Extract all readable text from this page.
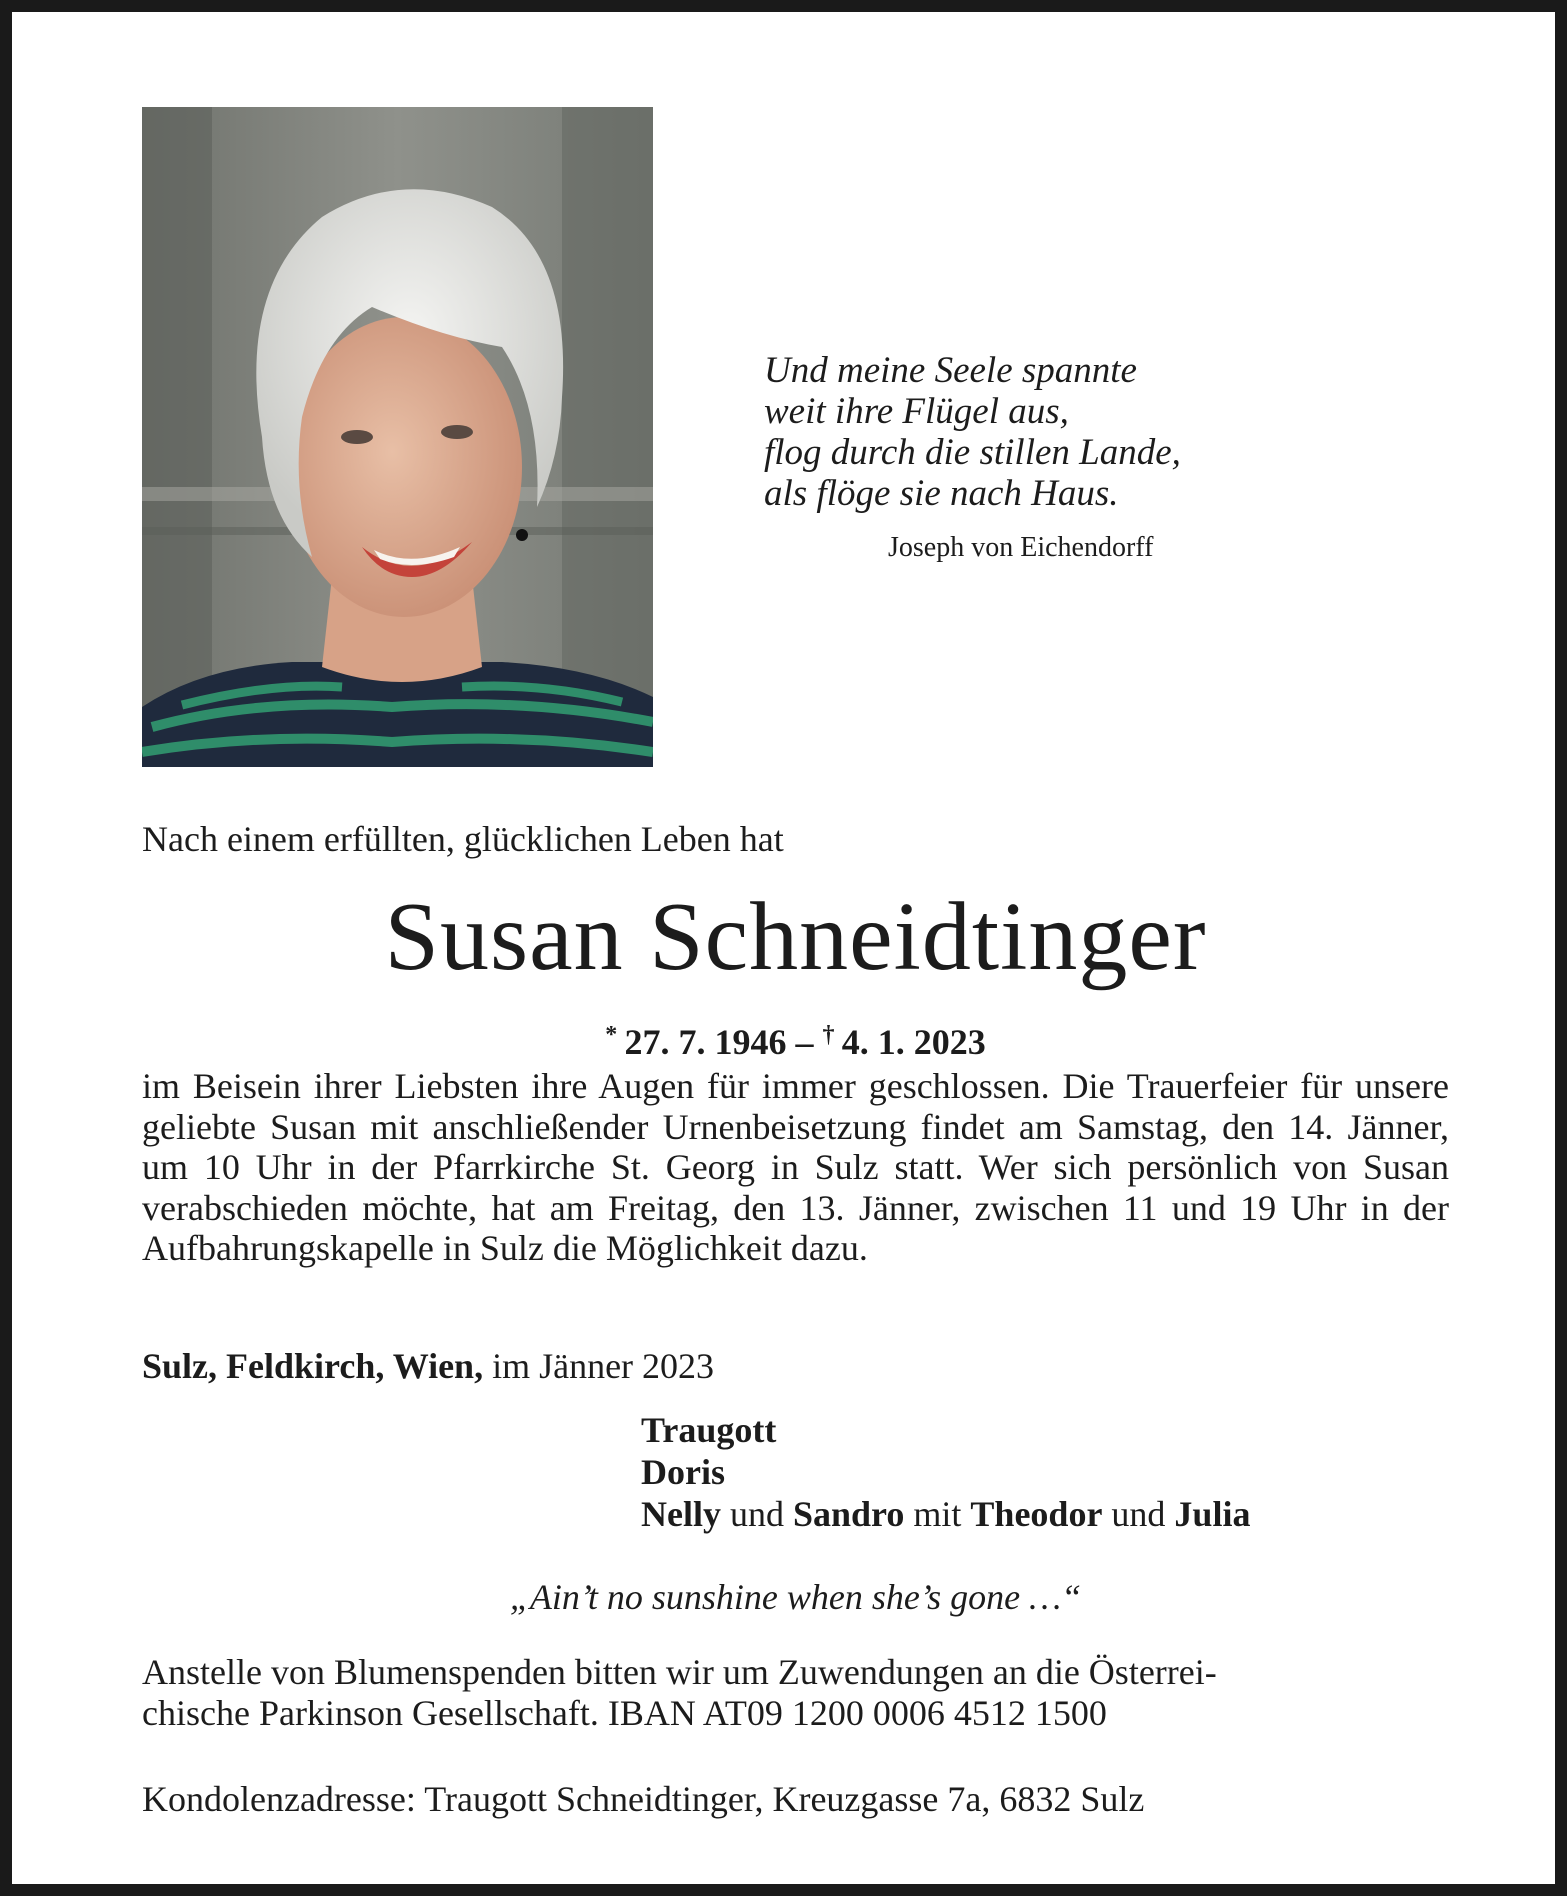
Und meine Seele spannte
weit ihre Flügel aus,
flog durch die stillen Lande,
als flöge sie nach Haus.
Joseph von Eichendorff
Nach einem erfüllten, glücklichen Leben hat
Susan Schneidtinger
*  27. 7. 1946 – †  4. 1. 2023
im Beisein ihrer Liebsten ihre Augen für immer geschlossen. Die Trauerfeier für unsere geliebte Susan mit anschließender Urnenbeisetzung findet am Samstag, den 14. Jänner, um 10 Uhr in der Pfarrkirche St. Georg in Sulz statt. Wer sich persönlich von Susan verabschieden möchte, hat am Freitag, den 13. Jänner, zwischen 11 und 19 Uhr in der Aufbahrungskapelle in Sulz die Möglichkeit dazu.
Sulz, Feldkirch, Wien, im Jänner 2023
Traugott
Doris
Nelly und Sandro mit Theodor und Julia
„Ain’t no sunshine when she’s gone …“
Anstelle von Blumenspenden bitten wir um Zuwendungen an die Österrei-
chische Parkinson Gesellschaft. IBAN AT09 1200 0006 4512 1500
Kondolenzadresse: Traugott Schneidtinger, Kreuzgasse 7a, 6832 Sulz
